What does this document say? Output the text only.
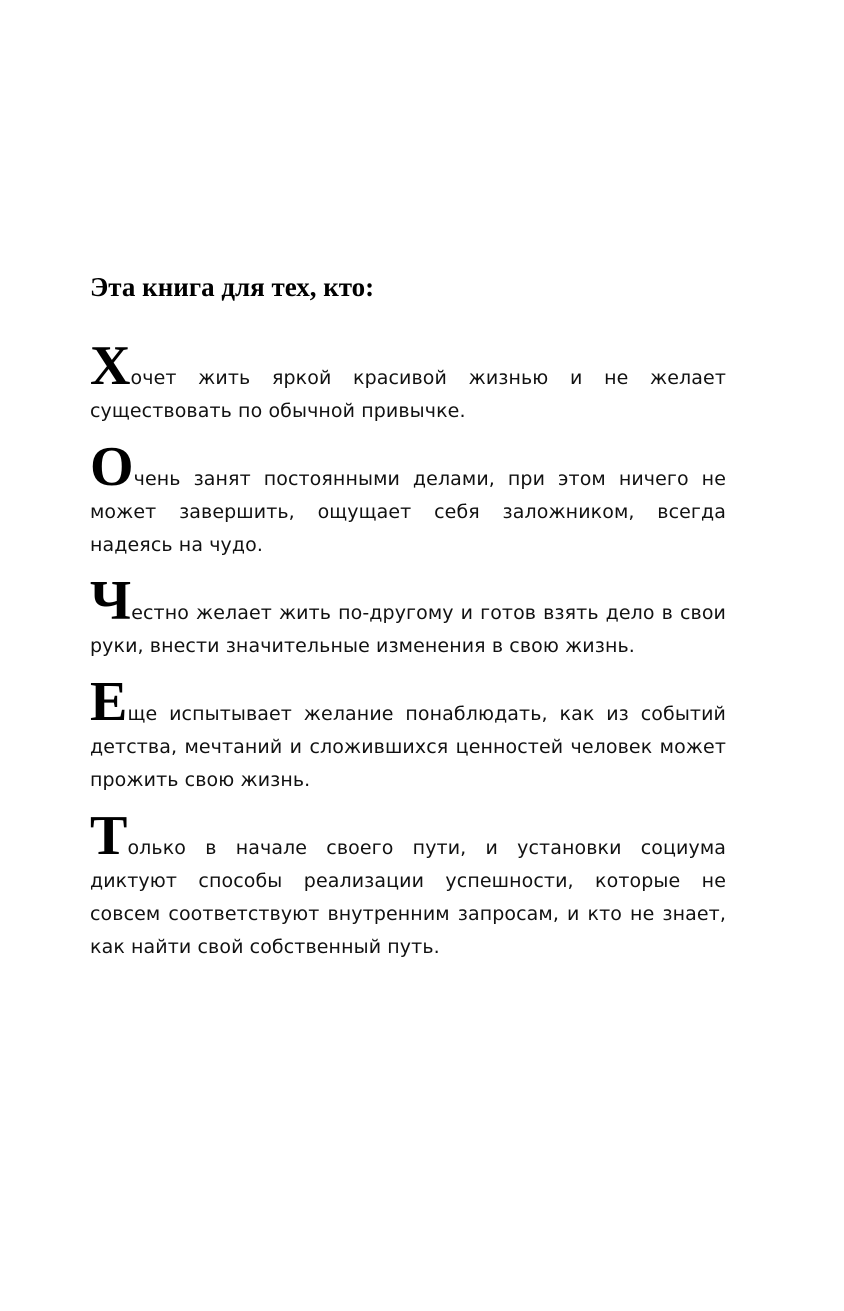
Эта книга для тех, кто:

Хочет жить яркой красивой жизнью и не желает существовать по обычной привычке.

Очень занят постоянными делами, при этом ничего не может завершить, ощущает себя заложником, всегда надеясь на чудо.

Честно желает жить по-другому и готов взять дело в свои руки, внести значительные изменения в свою жизнь.

Еще испытывает желание понаблюдать, как из событий детства, мечтаний и сложившихся ценностей человек может прожить свою жизнь.

Только в начале своего пути, и установки социума диктуют способы реализации успешности, которые не совсем соответствуют внутренним запросам, и кто не знает, как найти свой собственный путь.
